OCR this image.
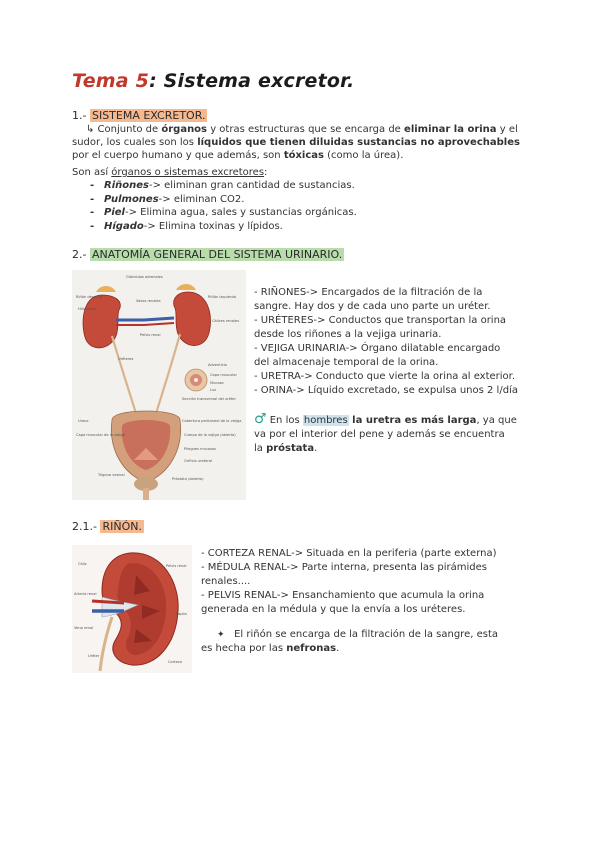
Tema 5: Sistema excretor.
1.- SISTEMA EXCRETOR.
↳ Conjunto de órganos y otras estructuras que se encarga de eliminar la orina y el sudor, los cuales son los líquidos que tienen diluidas sustancias no aprovechables por el cuerpo humano y que además, son tóxicas (como la úrea).
Son así órganos o sistemas excretores:
- Riñones-> eliminan gran cantidad de sustancias.
- Pulmones-> eliminan CO2.
- Piel-> Elimina agua, sales y sustancias orgánicas.
- Hígado-> Elimina toxinas y lípidos.
2.- ANATOMÍA GENERAL DEL SISTEMA URINARIO.
Glándulas adrenales
Riñón izquierdo
Riñón derecho
Vasos renales
Pelvis renal
Cálices renales
Uréteres
Adventicia
Capa muscular
Mucosa
Luz
Sección transversal del uréter
Uraco
Capa muscular de la vejiga
Cobertura peritoneal de la vejiga
Cuerpo de la vejiga (abierta)
Pliegues mucosos
Orificio ureteral
Trígono vesical
Próstata (abierto)
Hilio renal
- RIÑONES-> Encargados de la filtración de la
sangre. Hay dos y de cada uno parte un uréter.
- URÉTERES-> Conductos que transportan la orina
desde los riñones a la vejiga urinaria.
- VEJIGA URINARIA-> Órgano dilatable encargado
del almacenaje temporal de la orina.
- URETRA-> Conducto que vierte la orina al exterior.
- ORINA-> Líquido excretado, se expulsa unos 2 l/día
♂ En los hombres la uretra es más larga, ya que
va por el interior del pene y además se encuentra
la próstata.
2.1.- RIÑÓN.
Cáliz
Arteria renal
Vena renal
Uréter
Pelvis renal
Papila
Corteza
- CORTEZA RENAL-> Situada en la periferia (parte externa)
- MÉDULA RENAL-> Parte interna, presenta las pirámides
renales....
- PELVIS RENAL-> Ensanchamiento que acumula la orina
generada en la médula y que la envía a los uréteres.
✦ El riñón se encarga de la filtración de la sangre, esta
es hecha por las nefronas.
